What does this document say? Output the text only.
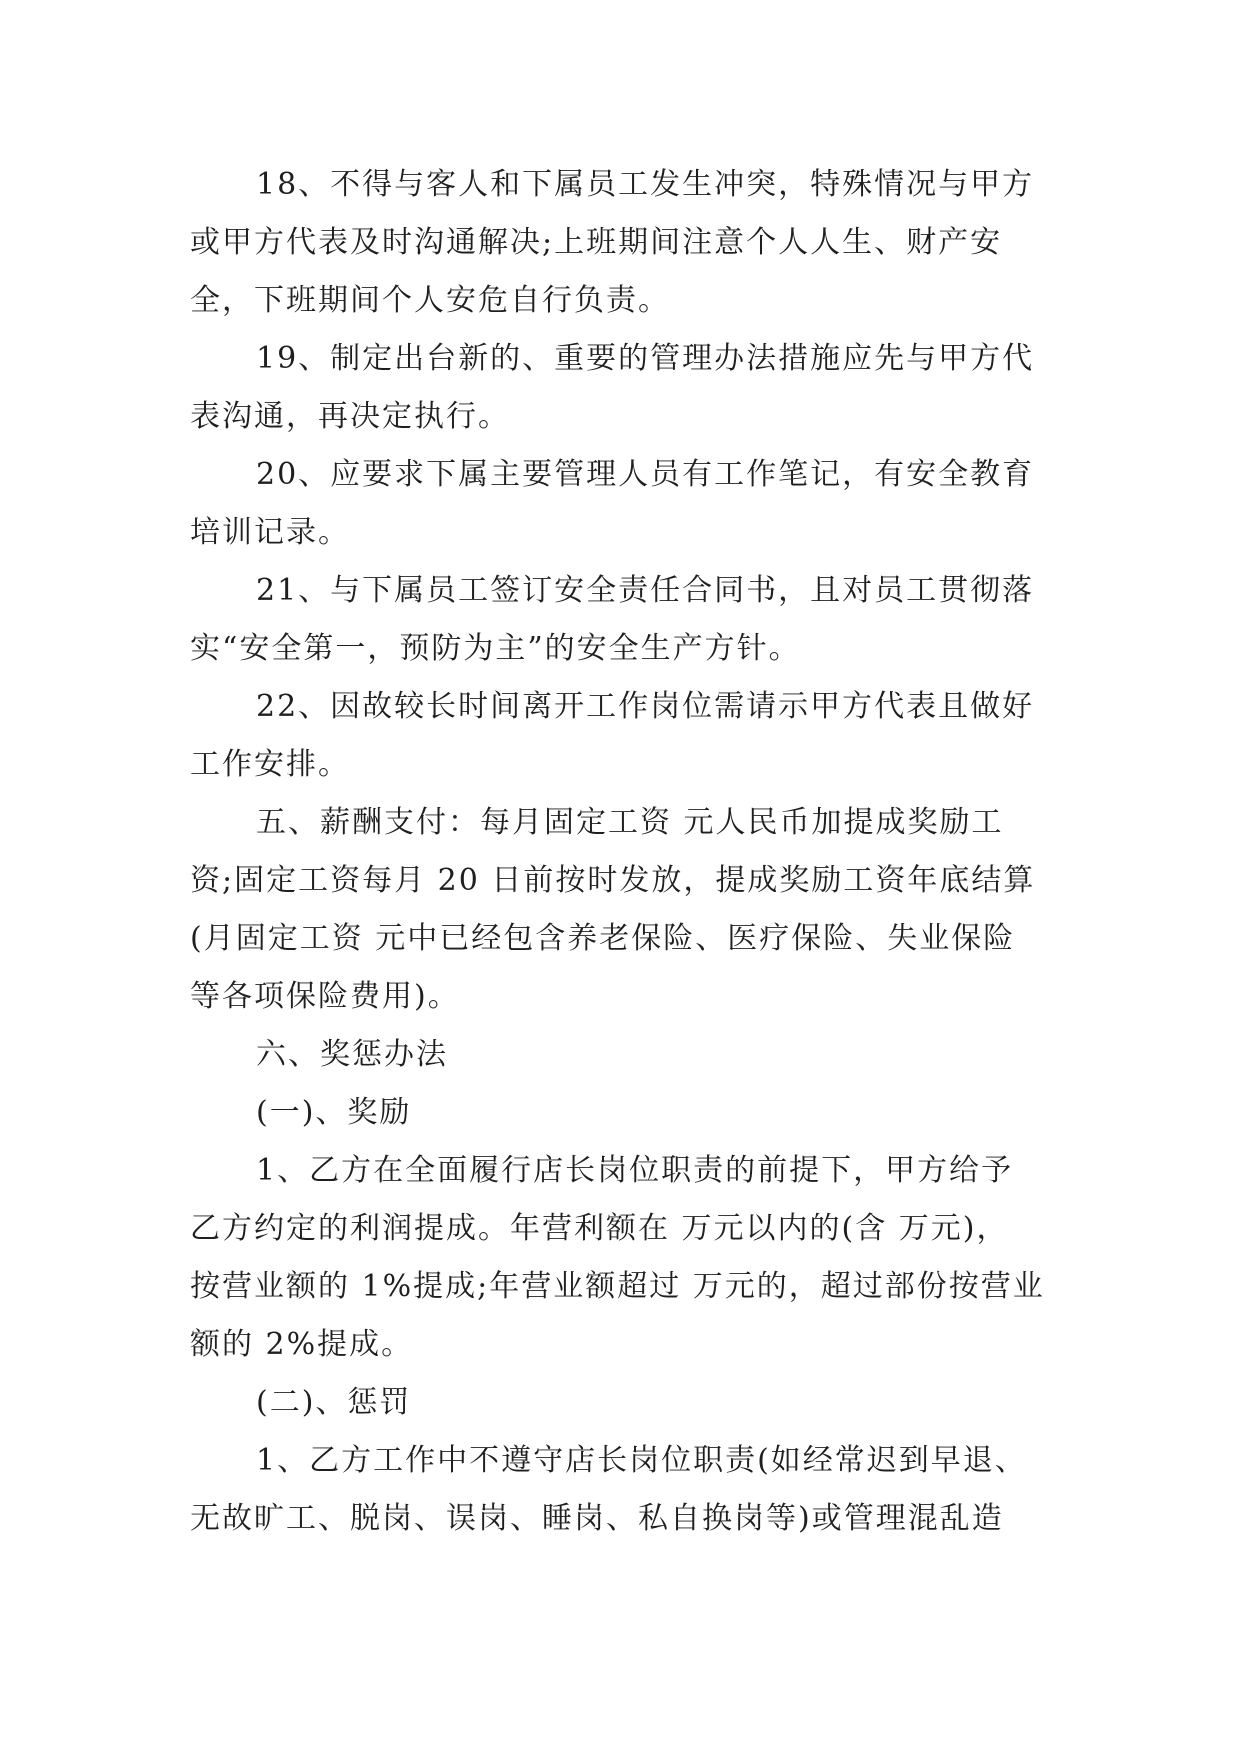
18、不得与客人和下属员工发生冲突，特殊情况与甲方
或甲方代表及时沟通解决;上班期间注意个人人生、财产安
全，下班期间个人安危自行负责。
19、制定出台新的、重要的管理办法措施应先与甲方代
表沟通，再决定执行。
20、应要求下属主要管理人员有工作笔记，有安全教育
培训记录。
21、与下属员工签订安全责任合同书，且对员工贯彻落
实“安全第一，预防为主”的安全生产方针。
22、因故较长时间离开工作岗位需请示甲方代表且做好
工作安排。
五、薪酬支付：每月固定工资 元人民币加提成奖励工
资;固定工资每月 20 日前按时发放，提成奖励工资年底结算
(月固定工资 元中已经包含养老保险、医疗保险、失业保险
等各项保险费用)。
六、奖惩办法
(一)、奖励
1、乙方在全面履行店长岗位职责的前提下，甲方给予
乙方约定的利润提成。年营利额在 万元以内的(含 万元)，
按营业额的 1%提成;年营业额超过 万元的，超过部份按营业
额的 2%提成。
(二)、惩罚
1、乙方工作中不遵守店长岗位职责(如经常迟到早退、
无故旷工、脱岗、误岗、睡岗、私自换岗等)或管理混乱造
